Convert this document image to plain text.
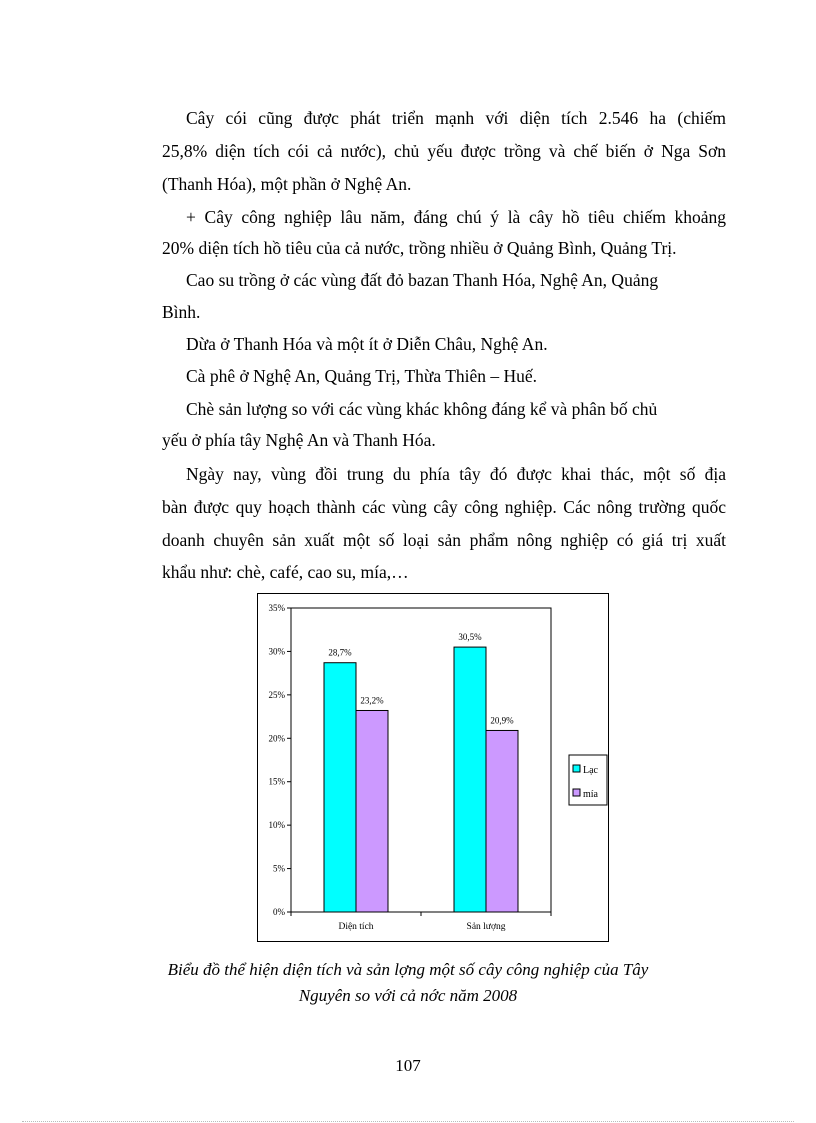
Cây cói cũng được phát triển mạnh với diện tích 2.546 ha (chiếm
25,8% diện tích cói cả nước), chủ yếu được trồng và chế biến ở Nga Sơn
(Thanh Hóa), một phần ở Nghệ An.
+ Cây công nghiệp lâu năm, đáng chú ý là cây hồ tiêu chiếm khoảng
20% diện tích hồ tiêu của cả nước, trồng nhiều ở Quảng Bình, Quảng Trị.
Cao su trồng ở các vùng đất đỏ bazan Thanh Hóa, Nghệ An, Quảng
Bình.
Dừa ở Thanh Hóa và một ít ở Diễn Châu, Nghệ An.
Cà phê ở Nghệ An, Quảng Trị, Thừa Thiên – Huế.
Chè sản lượng so với các vùng khác không đáng kể và phân bố chủ
yếu ở phía tây Nghệ An và Thanh Hóa.
Ngày nay, vùng đồi trung du phía tây đó được khai thác, một số địa
bàn được quy hoạch thành các vùng cây công nghiệp. Các nông trường quốc
doanh chuyên sản xuất một số loại sản phẩm nông nghiệp có giá trị xuất
khẩu như: chè, café, cao su, mía,…
0%
5%
10%
15%
20%
25%
30%
35%
28,7%
23,2%
Diện tích
30,5%
20,9%
Sản lượng
Lạc
mía
Biểu đồ thể hiện diện tích và sản lợng một số cây công nghiệp của Tây
Nguyên so với cả nớc năm 2008
107
